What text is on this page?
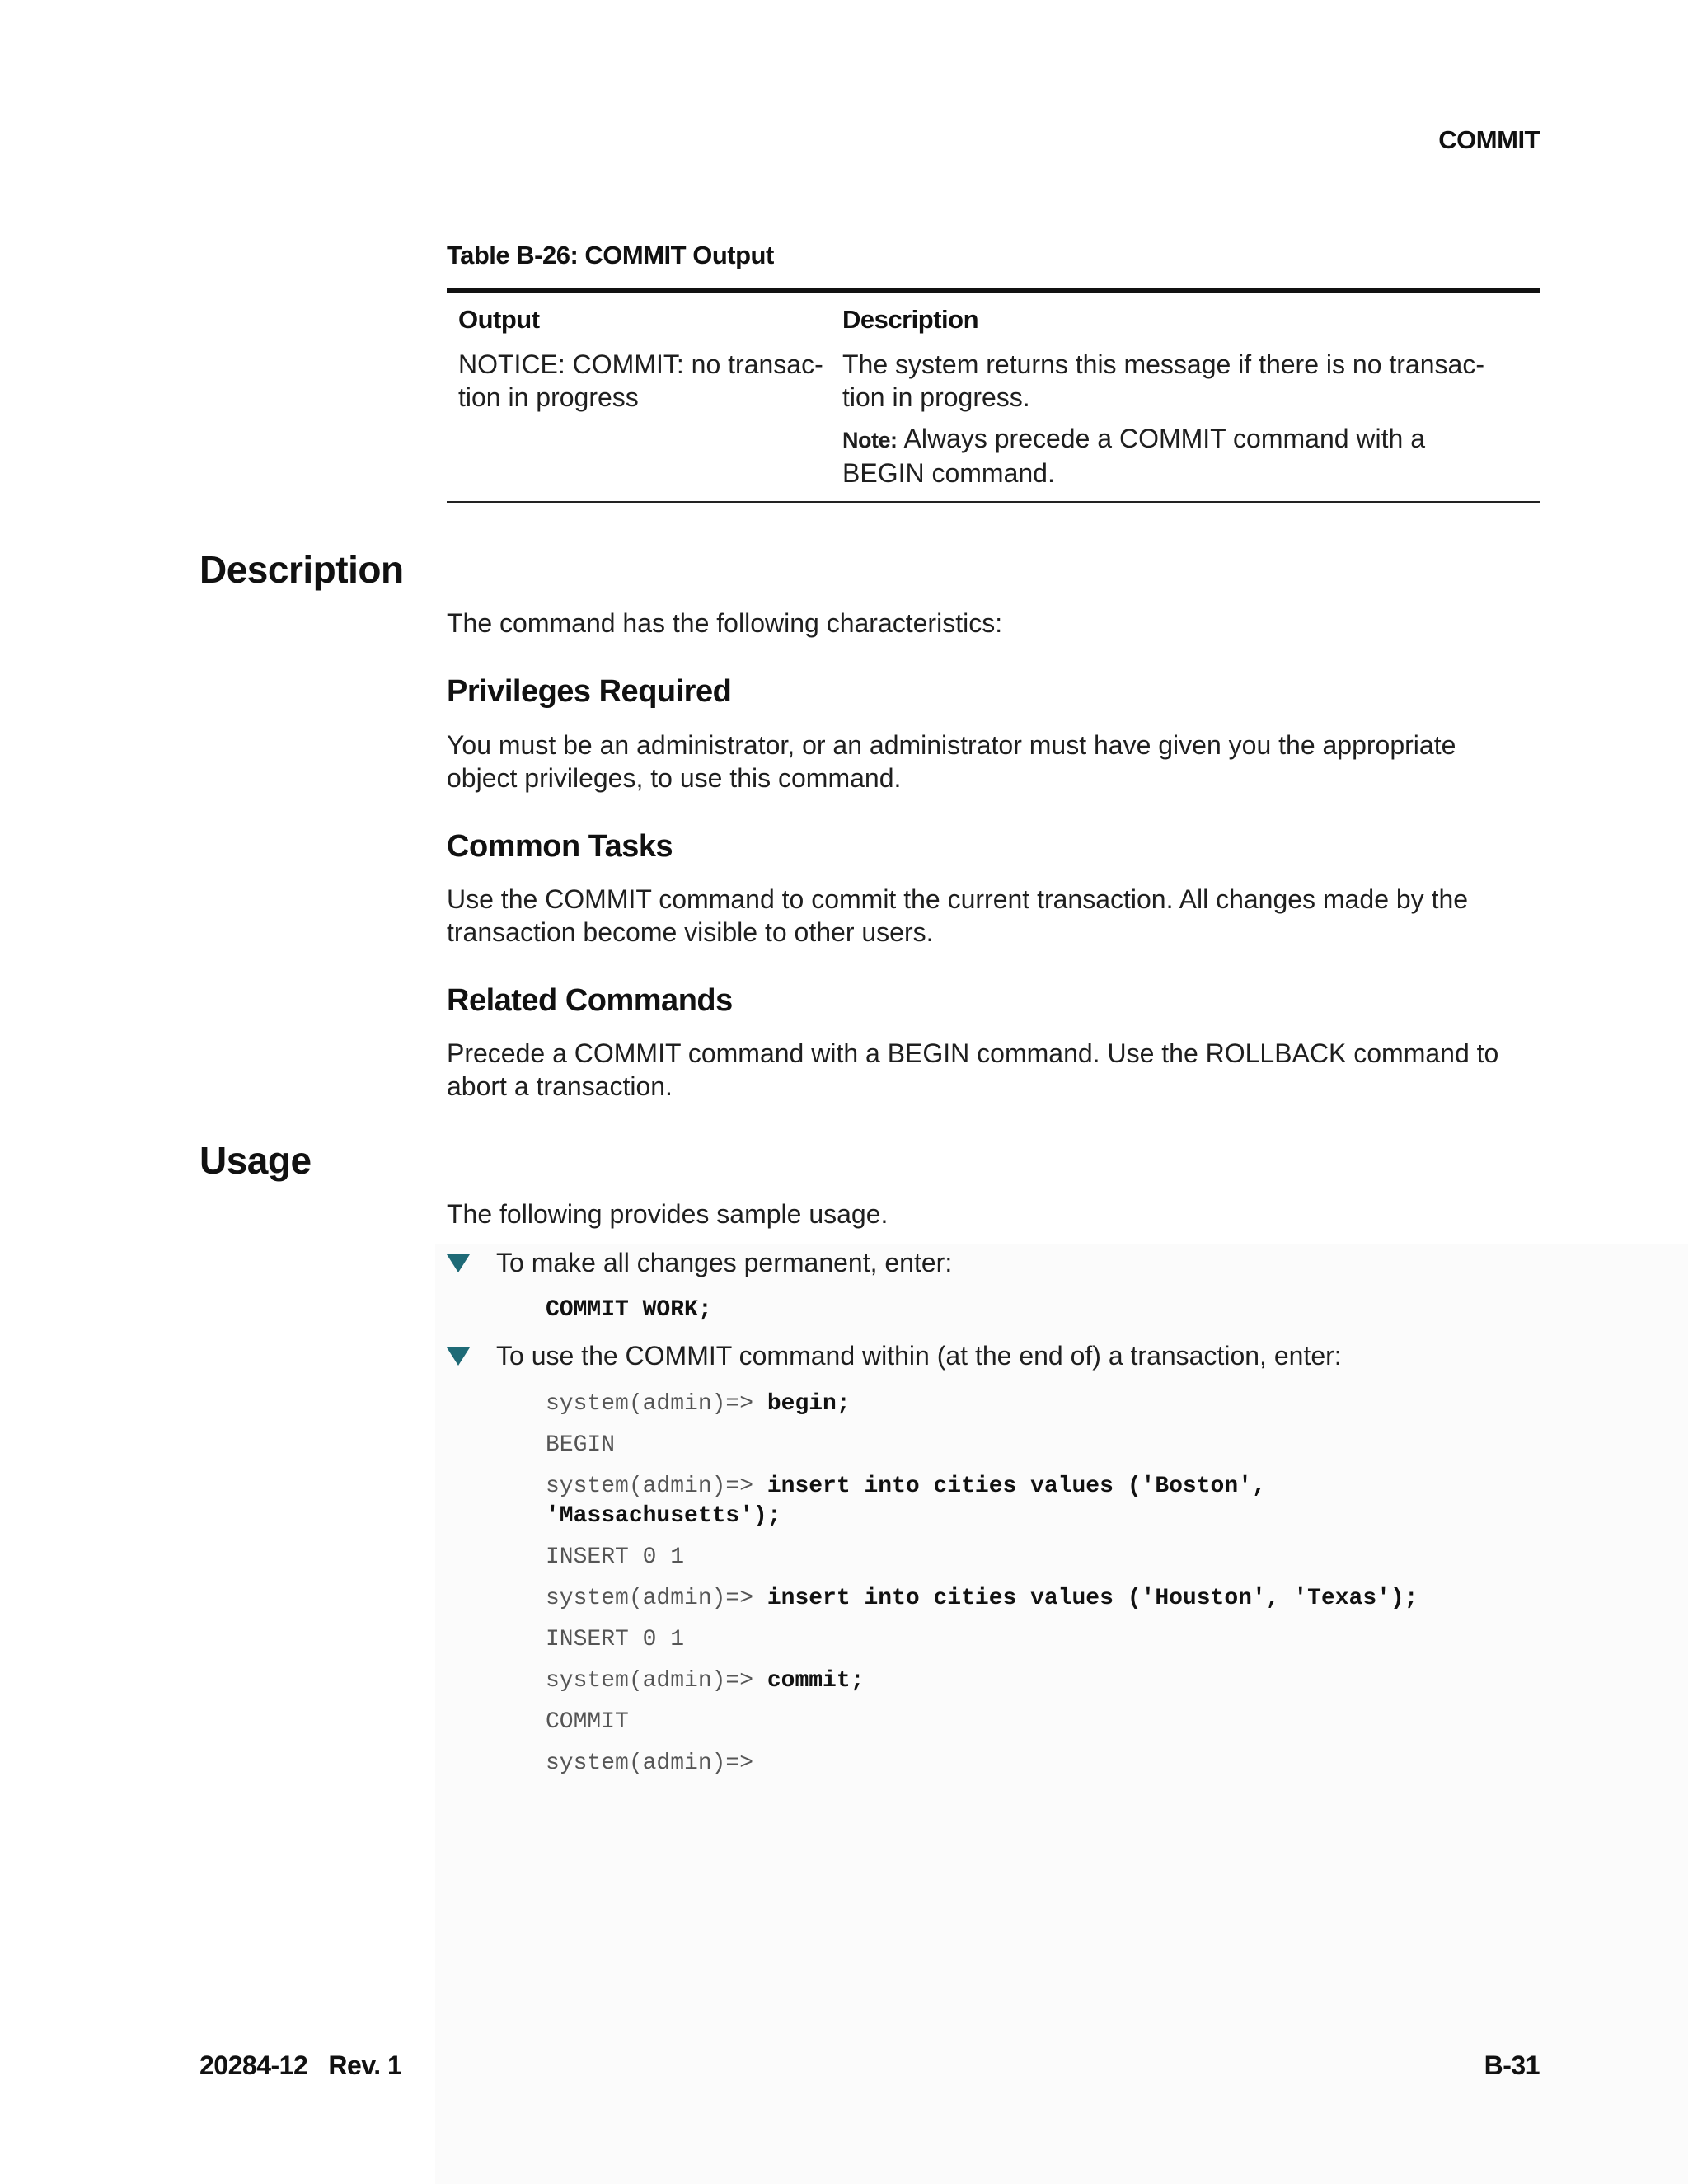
COMMIT
Table B-26: COMMIT Output
Output	Description
NOTICE: COMMIT: no transac-
tion in progress
The system returns this message if there is no transac-
tion in progress.
Note: Always precede a COMMIT command with a
BEGIN command.
Description
The command has the following characteristics:
Privileges Required
You must be an administrator, or an administrator must have given you the appropriate
object privileges, to use this command.
Common Tasks
Use the COMMIT command to commit the current transaction. All changes made by the
transaction become visible to other users.
Related Commands
Precede a COMMIT command with a BEGIN command. Use the ROLLBACK command to
abort a transaction.
Usage
The following provides sample usage.
To make all changes permanent, enter:
COMMIT WORK;
To use the COMMIT command within (at the end of) a transaction, enter:
system(admin)=> begin;
BEGIN
system(admin)=> insert into cities values ('Boston',
'Massachusetts');
INSERT 0 1
system(admin)=> insert into cities values ('Houston', 'Texas');
INSERT 0 1
system(admin)=> commit;
COMMIT
system(admin)=>
20284-12   Rev. 1	B-31
